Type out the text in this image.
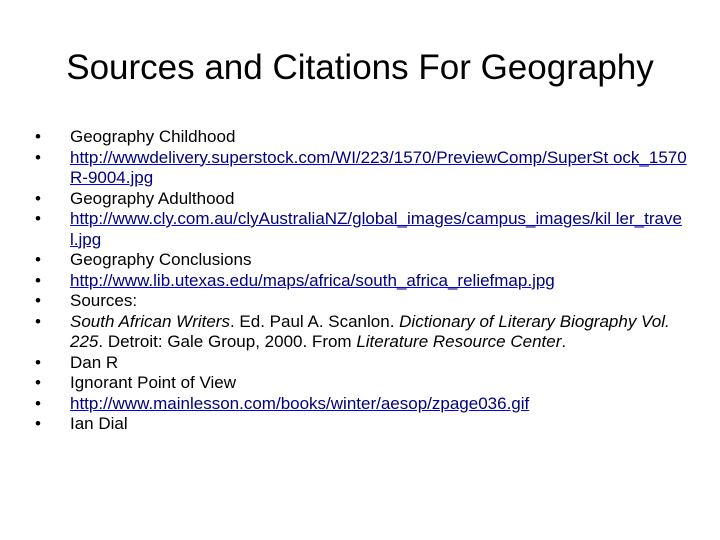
Sources and Citations For Geography
• Geography Childhood
• http://wwwdelivery.superstock.com/WI/223/1570/PreviewComp/SuperSt ock_1570R-9004.jpg
• Geography Adulthood
• http://www.cly.com.au/clyAustraliaNZ/global_images/campus_images/kil ler_travel.jpg
• Geography Conclusions
• http://www.lib.utexas.edu/maps/africa/south_africa_reliefmap.jpg
• Sources:
• South African Writers. Ed. Paul A. Scanlon. Dictionary of Literary Biography Vol. 225. Detroit: Gale Group, 2000. From Literature Resource Center.
• Dan R
• Ignorant Point of View
• http://www.mainlesson.com/books/winter/aesop/zpage036.gif
• Ian Dial
